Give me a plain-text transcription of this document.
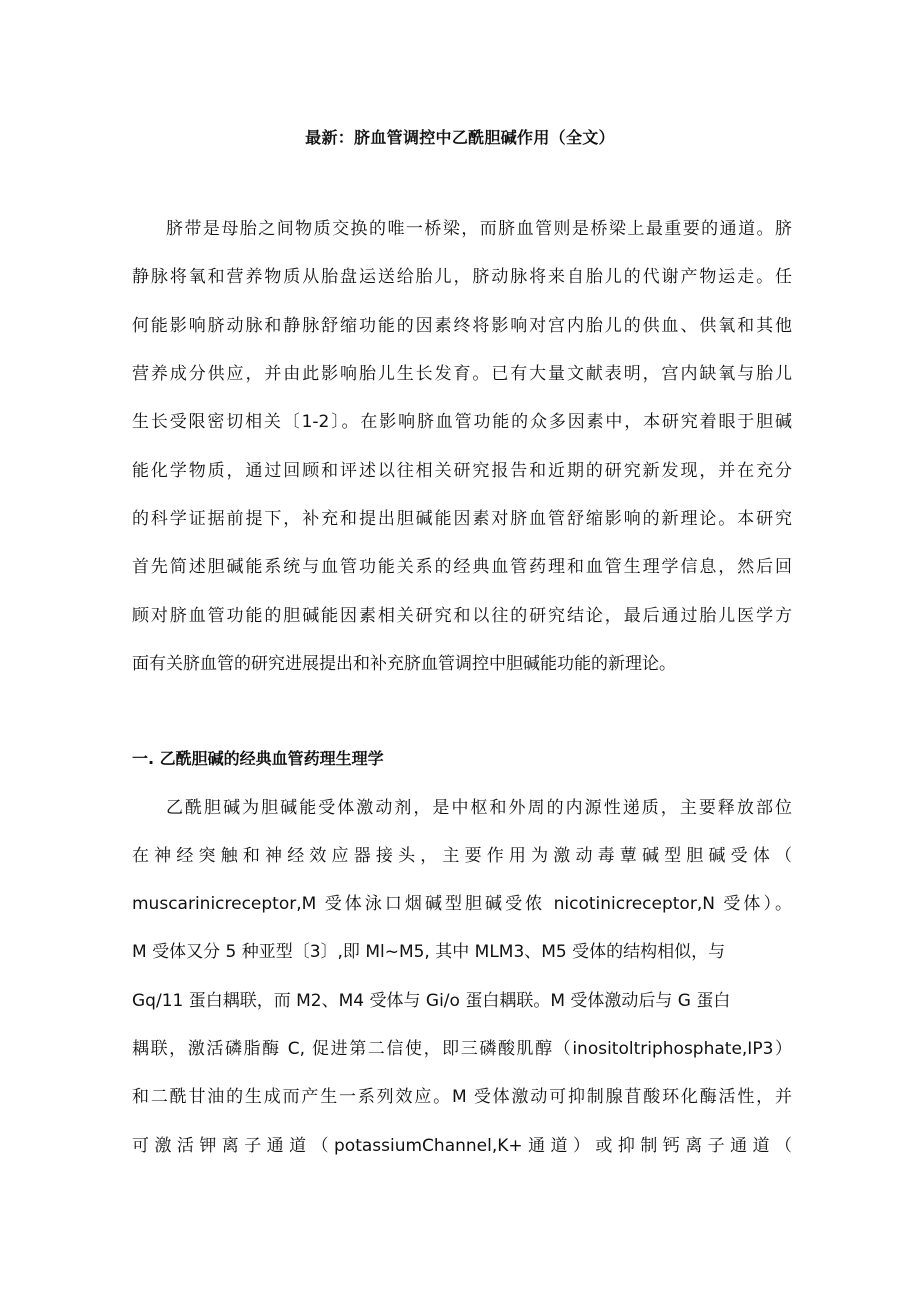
最新：脐血管调控中乙酰胆碱作用（全文）
脐带是母胎之间物质交换的唯一桥梁，而脐血管则是桥梁上最重要的通道。脐
静脉将氧和营养物质从胎盘运送给胎儿，脐动脉将来自胎儿的代谢产物运走。任
何能影响脐动脉和静脉舒缩功能的因素终将影响对宫内胎儿的供血、供氧和其他
营养成分供应，并由此影响胎儿生长发育。已有大量文献表明，宫内缺氧与胎儿
生长受限密切相关〔1-2〕。在影响脐血管功能的众多因素中，本研究着眼于胆碱
能化学物质，通过回顾和评述以往相关研究报告和近期的研究新发现，并在充分
的科学证据前提下，补充和提出胆碱能因素对脐血管舒缩影响的新理论。本研究
首先简述胆碱能系统与血管功能关系的经典血管药理和血管生理学信息，然后回
顾对脐血管功能的胆碱能因素相关研究和以往的研究结论，最后通过胎儿医学方
面有关脐血管的研究进展提出和补充脐血管调控中胆碱能功能的新理论。
一. 乙酰胆碱的经典血管药理生理学
乙酰胆碱为胆碱能受体激动剂，是中枢和外周的内源性递质，主要释放部位
在神经突触和神经效应器接头，主要作用为激动毒蕈碱型胆碱受体（
muscarinicreceptor,M 受体泳口烟碱型胆碱受侬 nicotinicreceptor,N 受体）。
M 受体又分 5 种亚型〔3〕,即 Ml~M5, 其中 MLM3、M5 受体的结构相似，与
Gq/11 蛋白耦联，而 M2、M4 受体与 Gi/o 蛋白耦联。M 受体激动后与 G 蛋白
耦联，激活磷脂酶 C, 促进第二信使，即三磷酸肌醇（inositoltriphosphate,IP3）
和二酰甘油的生成而产生一系列效应。M 受体激动可抑制腺苜酸环化酶活性，并
可激活钾离子通道（potassiumChannel,K+通道）或抑制钙离子通道（
